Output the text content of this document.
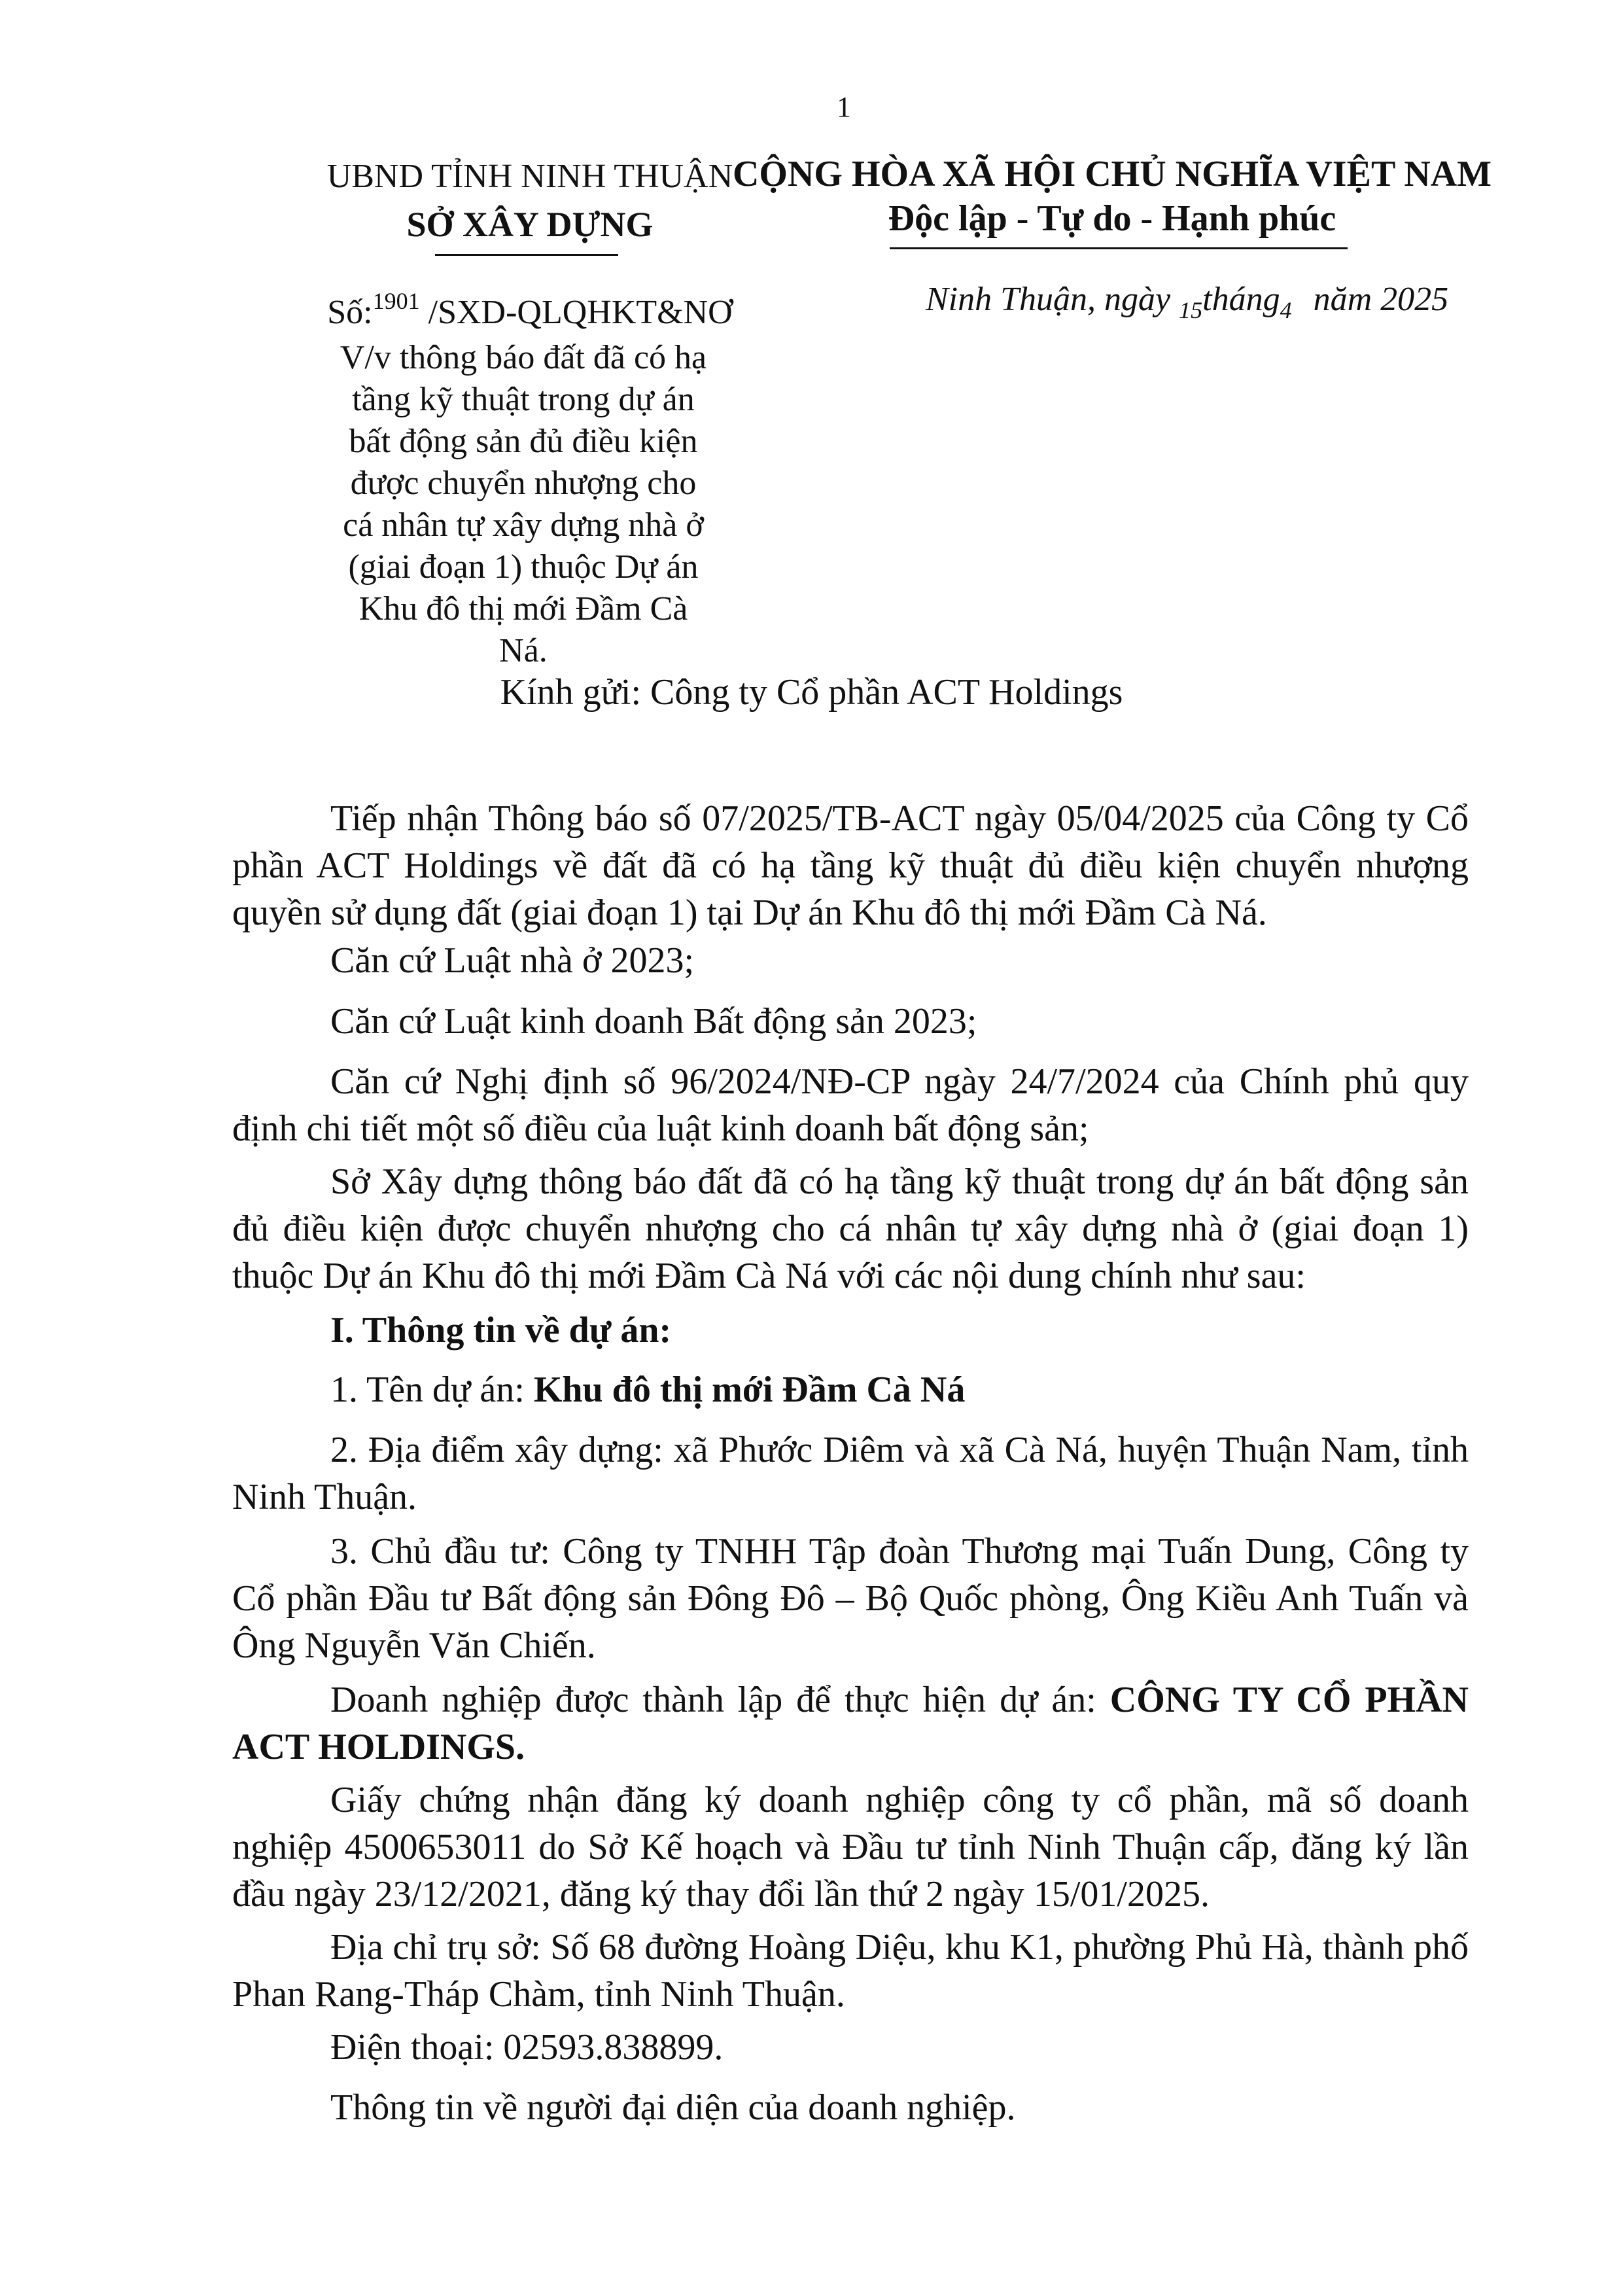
1
UBND TỈNH NINH THUẬN
SỞ XÂY DỰNG
Số:$^{1901}$ /SXD-QLQHKT&NƠ
V/v thông báo đất đã có hạ tầng kỹ thuật trong dự án bất động sản đủ điều kiện được chuyển nhượng cho cá nhân tự xây dựng nhà ở (giai đoạn 1) thuộc Dự án Khu đô thị mới Đầm Cà Ná.
CỘNG HÒA XÃ HỘI CHỦ NGHĨA VIỆT NAM
Độc lập - Tự do - Hạnh phúc
Ninh Thuận, ngày $_{15}$tháng$_4$ năm 2025
Kính gửi: Công ty Cổ phần ACT Holdings
Tiếp nhận Thông báo số 07/2025/TB-ACT ngày 05/04/2025 của Công ty Cổ phần ACT Holdings về đất đã có hạ tầng kỹ thuật đủ điều kiện chuyển nhượng quyền sử dụng đất (giai đoạn 1) tại Dự án Khu đô thị mới Đầm Cà Ná.
Căn cứ Luật nhà ở 2023;
Căn cứ Luật kinh doanh Bất động sản 2023;
Căn cứ Nghị định số 96/2024/NĐ-CP ngày 24/7/2024 của Chính phủ quy định chi tiết một số điều của luật kinh doanh bất động sản;
Sở Xây dựng thông báo đất đã có hạ tầng kỹ thuật trong dự án bất động sản đủ điều kiện được chuyển nhượng cho cá nhân tự xây dựng nhà ở (giai đoạn 1) thuộc Dự án Khu đô thị mới Đầm Cà Ná với các nội dung chính như sau:
I. Thông tin về dự án:
1. Tên dự án: Khu đô thị mới Đầm Cà Ná
2. Địa điểm xây dựng: xã Phước Diêm và xã Cà Ná, huyện Thuận Nam, tỉnh Ninh Thuận.
3. Chủ đầu tư: Công ty TNHH Tập đoàn Thương mại Tuấn Dung, Công ty Cổ phần Đầu tư Bất động sản Đông Đô – Bộ Quốc phòng, Ông Kiều Anh Tuấn và Ông Nguyễn Văn Chiến.
Doanh nghiệp được thành lập để thực hiện dự án: CÔNG TY CỔ PHẦN ACT HOLDINGS.
Giấy chứng nhận đăng ký doanh nghiệp công ty cổ phần, mã số doanh nghiệp 4500653011 do Sở Kế hoạch và Đầu tư tỉnh Ninh Thuận cấp, đăng ký lần đầu ngày 23/12/2021, đăng ký thay đổi lần thứ 2 ngày 15/01/2025.
Địa chỉ trụ sở: Số 68 đường Hoàng Diệu, khu K1, phường Phủ Hà, thành phố Phan Rang-Tháp Chàm, tỉnh Ninh Thuận.
Điện thoại: 02593.838899.
Thông tin về người đại diện của doanh nghiệp.
